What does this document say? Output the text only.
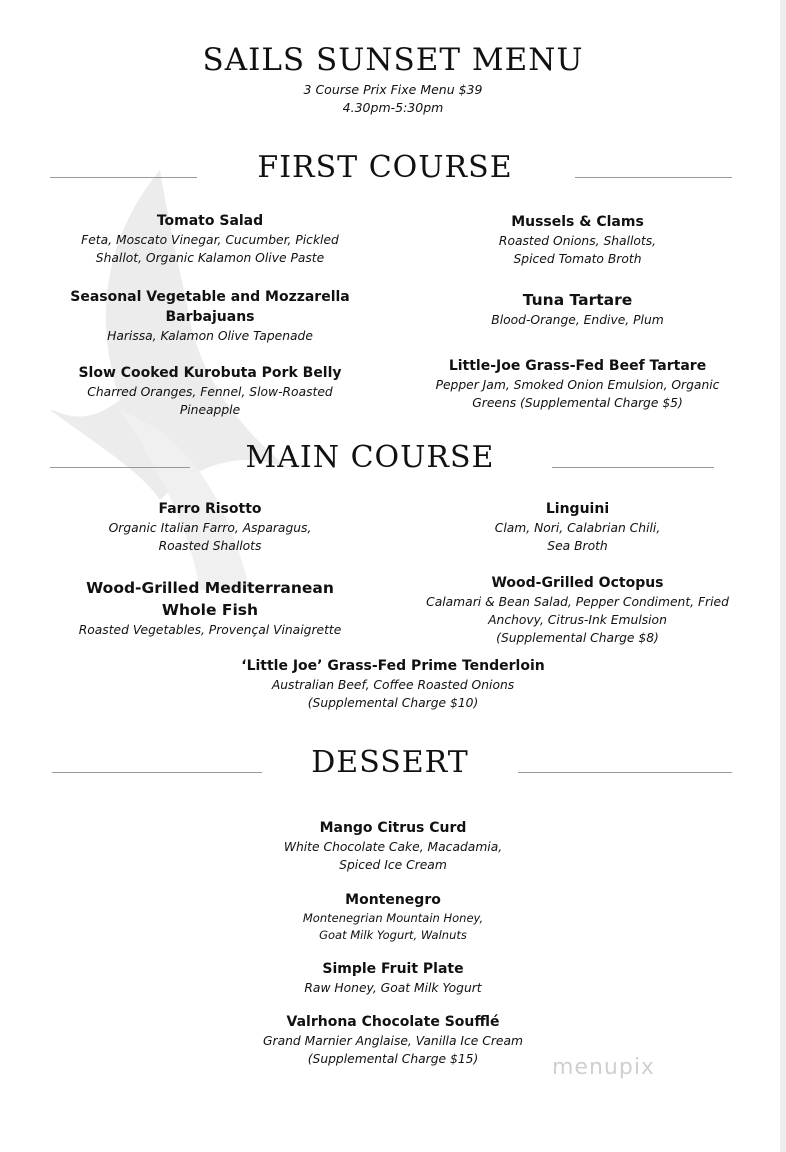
SAILS SUNSET MENU
3 Course Prix Fixe Menu $39
4.30pm-5:30pm
FIRST COURSE
Tomato Salad
Feta, Moscato Vinegar, Cucumber, Pickled
Shallot, Organic Kalamon Olive Paste
Seasonal Vegetable and Mozzarella
Barbajuans
Harissa, Kalamon Olive Tapenade
Slow Cooked Kurobuta Pork Belly
Charred Oranges, Fennel, Slow-Roasted
Pineapple
Mussels & Clams
Roasted Onions, Shallots,
Spiced Tomato Broth
Tuna Tartare
Blood-Orange, Endive, Plum
Little-Joe Grass-Fed Beef Tartare
Pepper Jam, Smoked Onion Emulsion, Organic
Greens (Supplemental Charge $5)
MAIN COURSE
Farro Risotto
Organic Italian Farro, Asparagus,
Roasted Shallots
Wood-Grilled Mediterranean
Whole Fish
Roasted Vegetables, Provençal Vinaigrette
Linguini
Clam, Nori, Calabrian Chili,
Sea Broth
Wood-Grilled Octopus
Calamari & Bean Salad, Pepper Condiment, Fried
Anchovy, Citrus-Ink Emulsion
(Supplemental Charge $8)
‘Little Joe’ Grass-Fed Prime Tenderloin
Australian Beef, Coffee Roasted Onions
(Supplemental Charge $10)
DESSERT
Mango Citrus Curd
White Chocolate Cake, Macadamia,
Spiced Ice Cream
Montenegro
Montenegrian Mountain Honey,
Goat Milk Yogurt, Walnuts
Simple Fruit Plate
Raw Honey, Goat Milk Yogurt
Valrhona Chocolate Soufflé
Grand Marnier Anglaise, Vanilla Ice Cream
(Supplemental Charge $15)	menupix
